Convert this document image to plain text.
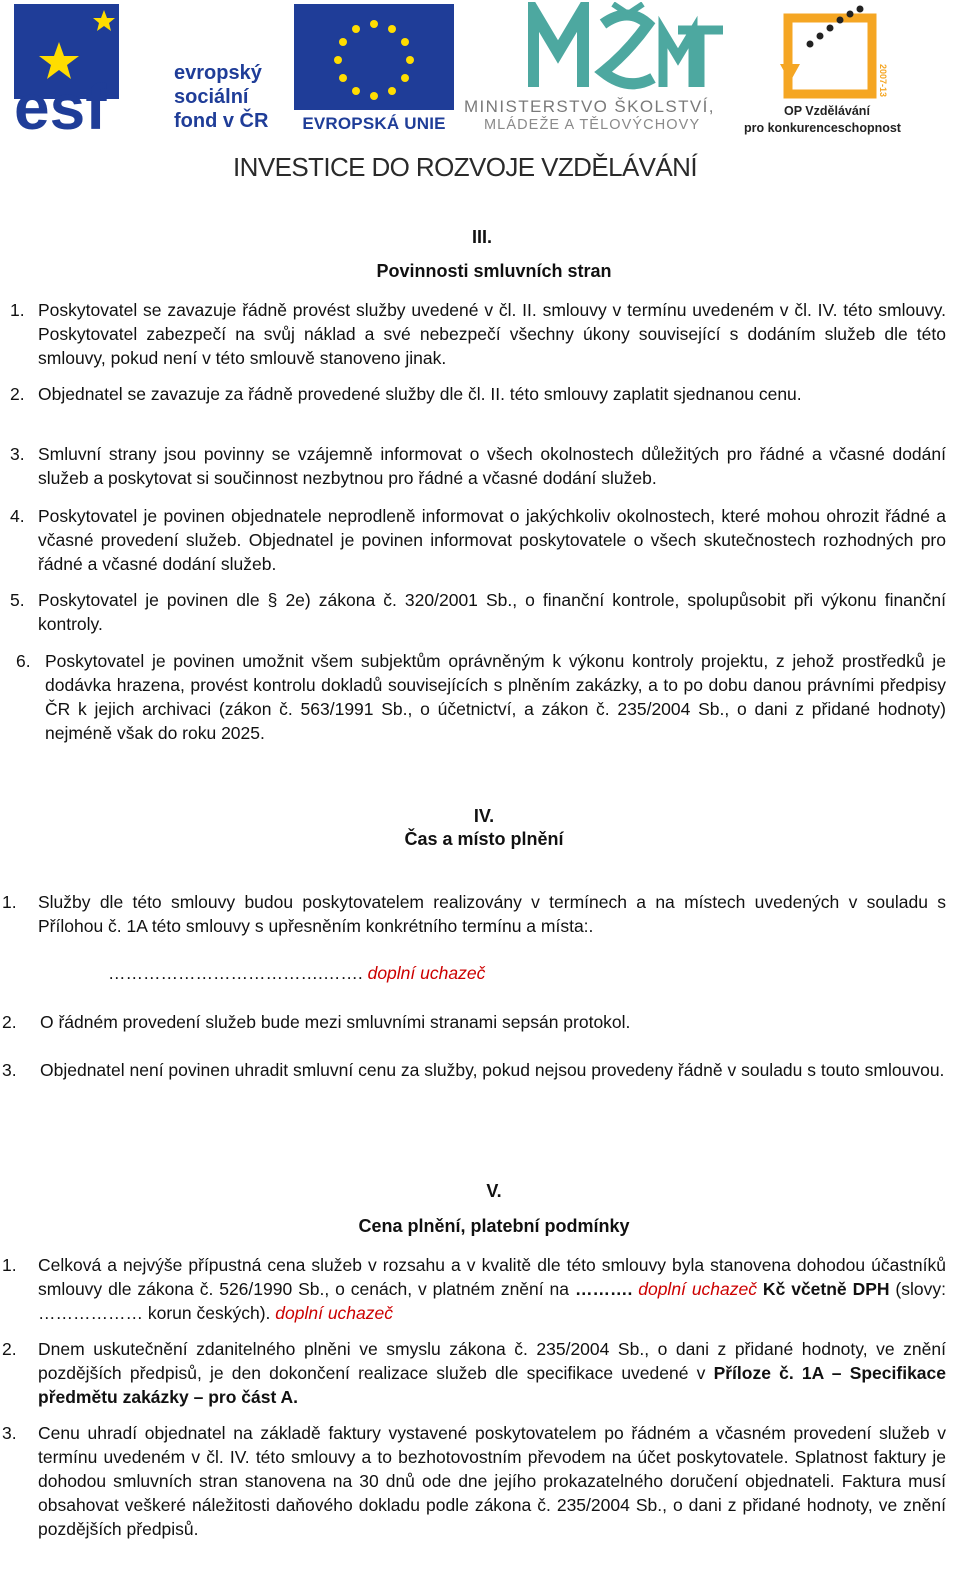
esf	evropský
sociální
fond v ČR	EVROPSKÁ UNIE
MINISTERSTVO ŠKOLSTVÍ,
MLÁDEŽE A TĚLOVÝCHOVY
2007-13
OP Vzdělávání
pro konkurenceschopnost
INVESTICE DO ROZVOJE VZDĚLÁVÁNÍ
III.
Povinnosti smluvních stran
1. Poskytovatel se zavazuje řádně provést služby uvedené v čl. II. smlouvy v termínu uvedeném v čl. IV. této smlouvy. Poskytovatel zabezpečí na svůj náklad a své nebezpečí všechny úkony související s dodáním služeb dle této smlouvy, pokud není v této smlouvě stanoveno jinak.
2. Objednatel se zavazuje za řádně provedené služby dle čl. II. této smlouvy zaplatit sjednanou cenu.
3. Smluvní strany jsou povinny se vzájemně informovat o všech okolnostech důležitých pro řádné a včasné dodání služeb a poskytovat si součinnost nezbytnou pro řádné a včasné dodání služeb.
4. Poskytovatel je povinen objednatele neprodleně informovat o jakýchkoliv okolnostech, které mohou ohrozit řádné a včasné provedení služeb. Objednatel je povinen informovat poskytovatele o všech skutečnostech rozhodných pro řádné a včasné dodání služeb.
5. Poskytovatel je povinen dle § 2e) zákona č. 320/2001 Sb., o finanční kontrole, spolupůsobit při výkonu finanční kontroly.
6. Poskytovatel je povinen umožnit všem subjektům oprávněným k výkonu kontroly projektu, z jehož prostředků je dodávka hrazena, provést kontrolu dokladů souvisejících s plněním zakázky, a to po dobu danou právními předpisy ČR k jejich archivaci (zákon č. 563/1991 Sb., o účetnictví, a zákon č. 235/2004 Sb., o dani z přidané hodnoty) nejméně však do roku 2025.
IV.
Čas a místo plnění
1. Služby dle této smlouvy budou poskytovatelem realizovány v termínech a na místech uvedených v souladu s Přílohou č. 1A této smlouvy s upřesněním konkrétního termínu a místa:.
……………………………….……. doplní uchazeč
2. O řádném provedení služeb bude mezi smluvními stranami sepsán protokol.
3. Objednatel není povinen uhradit smluvní cenu za služby, pokud nejsou provedeny řádně v souladu s touto smlouvou.
V.
Cena plnění, platební podmínky
1. Celková a nejvýše přípustná cena služeb v rozsahu a v kvalitě dle této smlouvy byla stanovena dohodou účastníků smlouvy dle zákona č. 526/1990 Sb., o cenách, v platném znění na ………. doplní uchazeč Kč včetně DPH (slovy: ……………… korun českých). doplní uchazeč
2. Dnem uskutečnění zdanitelného plněni ve smyslu zákona č. 235/2004 Sb., o dani z přidané hodnoty, ve znění pozdějších předpisů, je den dokončení realizace služeb dle specifikace uvedené v Příloze č. 1A – Specifikace předmětu zakázky – pro část A.
3. Cenu uhradí objednatel na základě faktury vystavené poskytovatelem po řádném a včasném provedení služeb v termínu uvedeném v čl. IV. této smlouvy a to bezhotovostním převodem na účet poskytovatele. Splatnost faktury je dohodou smluvních stran stanovena na 30 dnů ode dne jejího prokazatelného doručení objednateli. Faktura musí obsahovat veškeré náležitosti daňového dokladu podle zákona č. 235/2004 Sb., o dani z přidané hodnoty, ve znění pozdějších předpisů.
